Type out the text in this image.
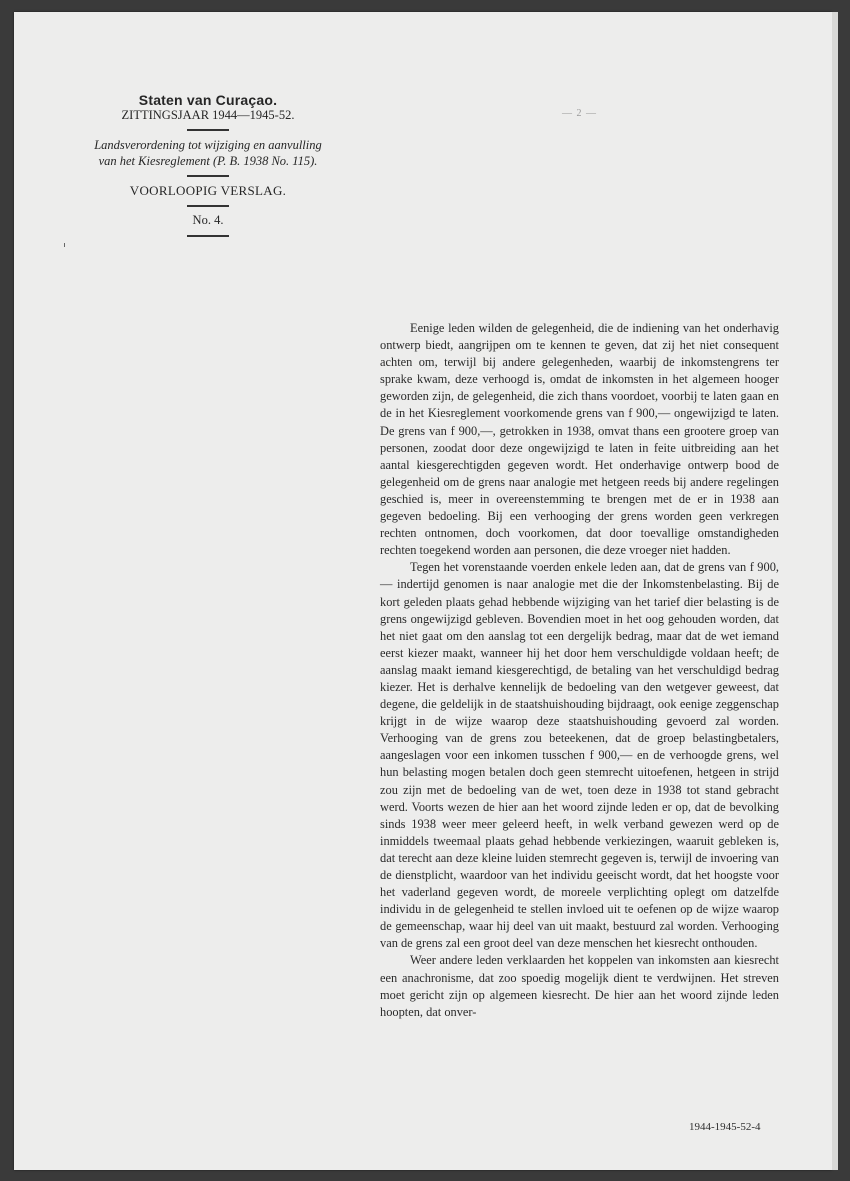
Staten van Curaçao.

ZITTINGSJAAR 1944—1945-52.

Landsverordening tot wijziging en aanvulling
van het Kiesreglement (P. B. 1938 No. 115).

VOORLOOPIG VERSLAG.

No. 4.

— 2 —

Eenige leden wilden de gelegenheid, die de indiening van het onderhavig ontwerp biedt, aangrijpen om te kennen te geven, dat zij het niet consequent achten om, terwijl bij andere gelegenheden, waarbij de inkomstengrens ter sprake kwam, deze verhoogd is, omdat de inkomsten in het algemeen hooger geworden zijn, de gelegenheid, die zich thans voordoet, voorbij te laten gaan en de in het Kiesreglement voorkomende grens van f 900,— ongewijzigd te laten. De grens van f 900,—, getrokken in 1938, omvat thans een grootere groep van personen, zoodat door deze ongewijzigd te laten in feite uitbreiding aan het aantal kiesgerechtigden gegeven wordt. Het onderhavige ontwerp bood de gelegenheid om de grens naar analogie met hetgeen reeds bij andere regelingen geschied is, meer in overeenstemming te brengen met de er in 1938 aan gegeven bedoeling. Bij een verhooging der grens worden geen verkregen rechten ontnomen, doch voorkomen, dat door toevallige omstandigheden rechten toegekend worden aan personen, die deze vroeger niet hadden.

Tegen het vorenstaande voerden enkele leden aan, dat de grens van f 900,— indertijd genomen is naar analogie met die der Inkomstenbelasting. Bij de kort geleden plaats gehad hebbende wijziging van het tarief dier belasting is de grens ongewijzigd gebleven. Bovendien moet in het oog gehouden worden, dat het niet gaat om den aanslag tot een dergelijk bedrag, maar dat de wet iemand eerst kiezer maakt, wanneer hij het door hem verschuldigde voldaan heeft; de aanslag maakt iemand kiesgerechtigd, de betaling van het verschuldigd bedrag kiezer. Het is derhalve kennelijk de bedoeling van den wetgever geweest, dat degene, die geldelijk in de staatshuishouding bijdraagt, ook eenige zeggenschap krijgt in de wijze waarop deze staatshuishouding gevoerd zal worden. Verhooging van de grens zou beteekenen, dat de groep belastingbetalers, aangeslagen voor een inkomen tusschen f 900,— en de verhoogde grens, wel hun belasting mogen betalen doch geen stemrecht uitoefenen, hetgeen in strijd zou zijn met de bedoeling van de wet, toen deze in 1938 tot stand gebracht werd. Voorts wezen de hier aan het woord zijnde leden er op, dat de bevolking sinds 1938 weer meer geleerd heeft, in welk verband gewezen werd op de inmiddels tweemaal plaats gehad hebbende verkiezingen, waaruit gebleken is, dat terecht aan deze kleine luiden stemrecht gegeven is, terwijl de invoering van de dienstplicht, waardoor van het individu geeischt wordt, dat het hoogste voor het vaderland gegeven wordt, de moreele verplichting oplegt om datzelfde individu in de gelegenheid te stellen invloed uit te oefenen op de wijze waarop de gemeenschap, waar hij deel van uit maakt, bestuurd zal worden. Verhooging van de grens zal een groot deel van deze menschen het kiesrecht onthouden.

Weer andere leden verklaarden het koppelen van inkomsten aan kiesrecht een anachronisme, dat zoo spoedig mogelijk dient te verdwijnen. Het streven moet gericht zijn op algemeen kiesrecht. De hier aan het woord zijnde leden hoopten, dat onver-

1944-1945-52-4
